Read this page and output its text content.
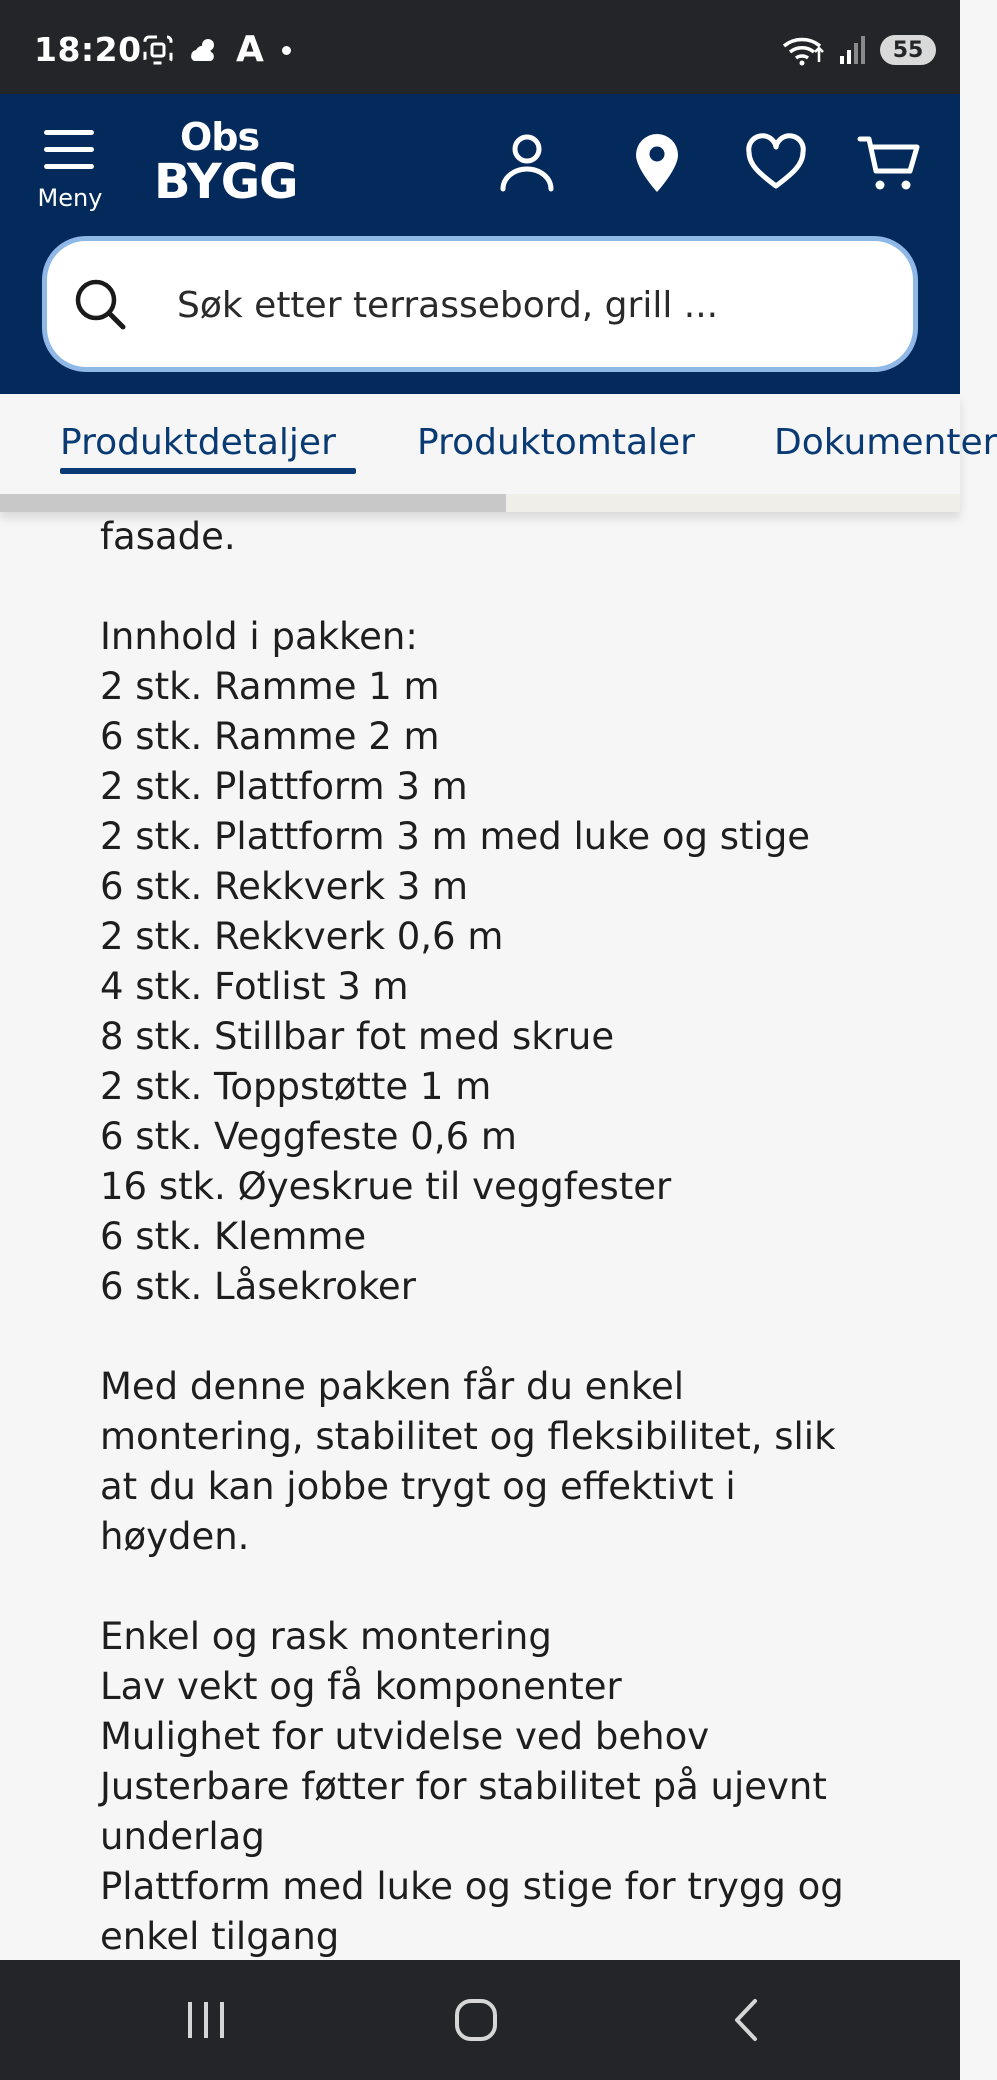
18:20	A	55
Meny
Obs
BYGG
Søk etter terrassebord, grill ...
Produktdetaljer Produktomtaler Dokumenter
fasade.
Innhold i pakken:
2 stk. Ramme 1 m
6 stk. Ramme 2 m
2 stk. Plattform 3 m
2 stk. Plattform 3 m med luke og stige
6 stk. Rekkverk 3 m
2 stk. Rekkverk 0,6 m
4 stk. Fotlist 3 m
8 stk. Stillbar fot med skrue
2 stk. Toppstøtte 1 m
6 stk. Veggfeste 0,6 m
16 stk. Øyeskrue til veggfester
6 stk. Klemme
6 stk. Låsekroker
Med denne pakken får du enkel
montering, stabilitet og fleksibilitet, slik
at du kan jobbe trygt og effektivt i
høyden.
Enkel og rask montering
Lav vekt og få komponenter
Mulighet for utvidelse ved behov
Justerbare føtter for stabilitet på ujevnt
underlag
Plattform med luke og stige for trygg og
enkel tilgang
